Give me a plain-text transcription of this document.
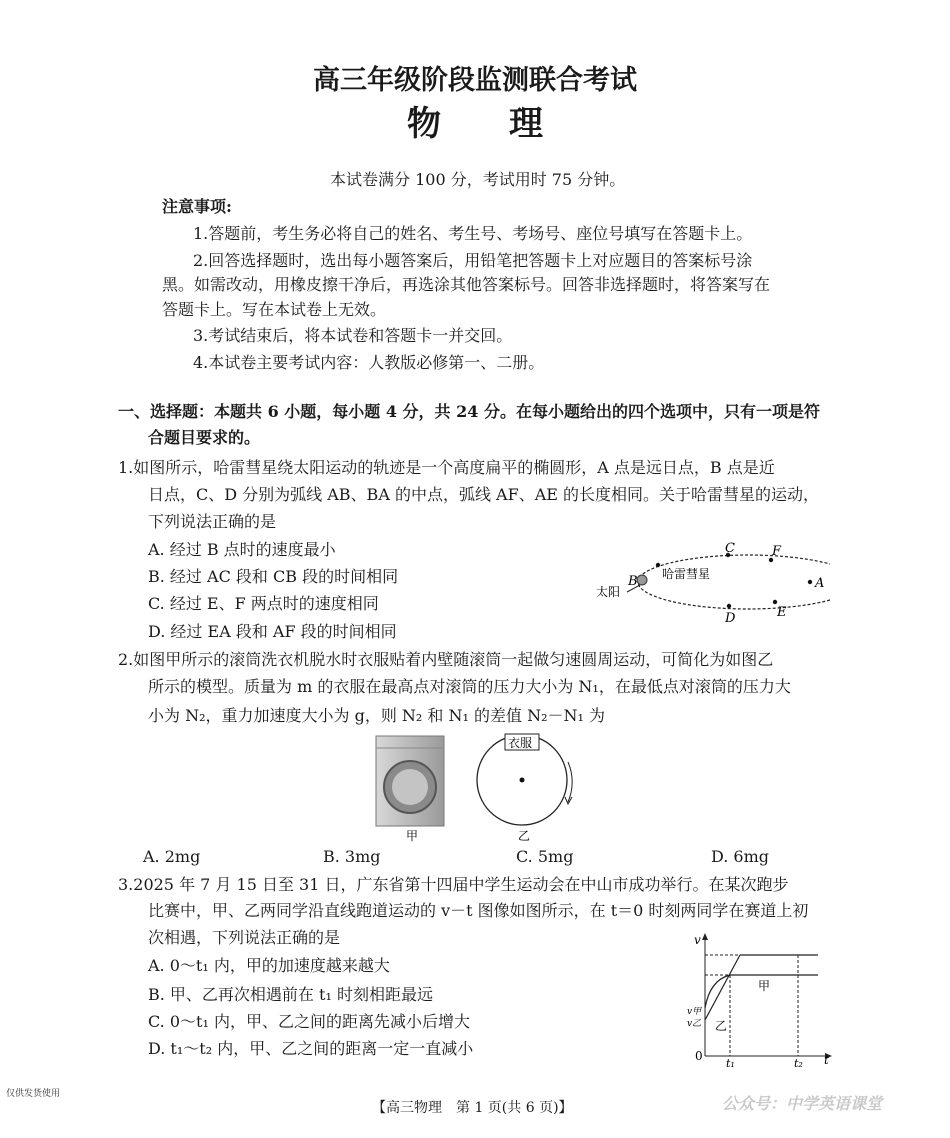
高三年级阶段监测联合考试
物　　理
本试卷满分 100 分，考试用时 75 分钟。
注意事项:
1.答题前，考生务必将自己的姓名、考生号、考场号、座位号填写在答题卡上。
2.回答选择题时，选出每小题答案后，用铅笔把答题卡上对应题目的答案标号涂
黑。如需改动，用橡皮擦干净后，再选涂其他答案标号。回答非选择题时，将答案写在
答题卡上。写在本试卷上无效。
3.考试结束后，将本试卷和答题卡一并交回。
4.本试卷主要考试内容：人教版必修第一、二册。
一、选择题：本题共 6 小题，每小题 4 分，共 24 分。在每小题给出的四个选项中，只有一项是符
合题目要求的。
1.如图所示，哈雷彗星绕太阳运动的轨迹是一个高度扁平的椭圆形，A 点是远日点，B 点是近
日点，C、D 分别为弧线 AB、BA 的中点，弧线 AF、AE 的长度相同。关于哈雷彗星的运动，
下列说法正确的是
A. 经过 B 点时的速度最小
B. 经过 AC 段和 CB 段的时间相同
C. 经过 E、F 两点时的速度相同
D. 经过 EA 段和 AF 段的时间相同
C	F
A
B
E
D
哈雷彗星
太阳
2.如图甲所示的滚筒洗衣机脱水时衣服贴着内壁随滚筒一起做匀速圆周运动，可简化为如图乙
所示的模型。质量为 m 的衣服在最高点对滚筒的压力大小为 N₁，在最低点对滚筒的压力大
小为 N₂，重力加速度大小为 g，则 N₂ 和 N₁ 的差值 N₂－N₁ 为
甲
衣服
乙
A. 2mg	B. 3mg	C. 5mg	D. 6mg
3.2025 年 7 月 15 日至 31 日，广东省第十四届中学生运动会在中山市成功举行。在某次跑步
比赛中，甲、乙两同学沿直线跑道运动的 v－t 图像如图所示，在 t＝0 时刻两同学在赛道上初
次相遇，下列说法正确的是
A. 0～t₁ 内，甲的加速度越来越大
B. 甲、乙再次相遇前在 t₁ 时刻相距最远
C. 0～t₁ 内，甲、乙之间的距离先减小后增大
D. t₁～t₂ 内，甲、乙之间的距离一定一直减小
v
t
0
t₁	t₂
v甲
v乙
甲
乙
仅供发货使用
【高三物理　第 1 页(共 6 页)】	公众号：中学英语课堂
